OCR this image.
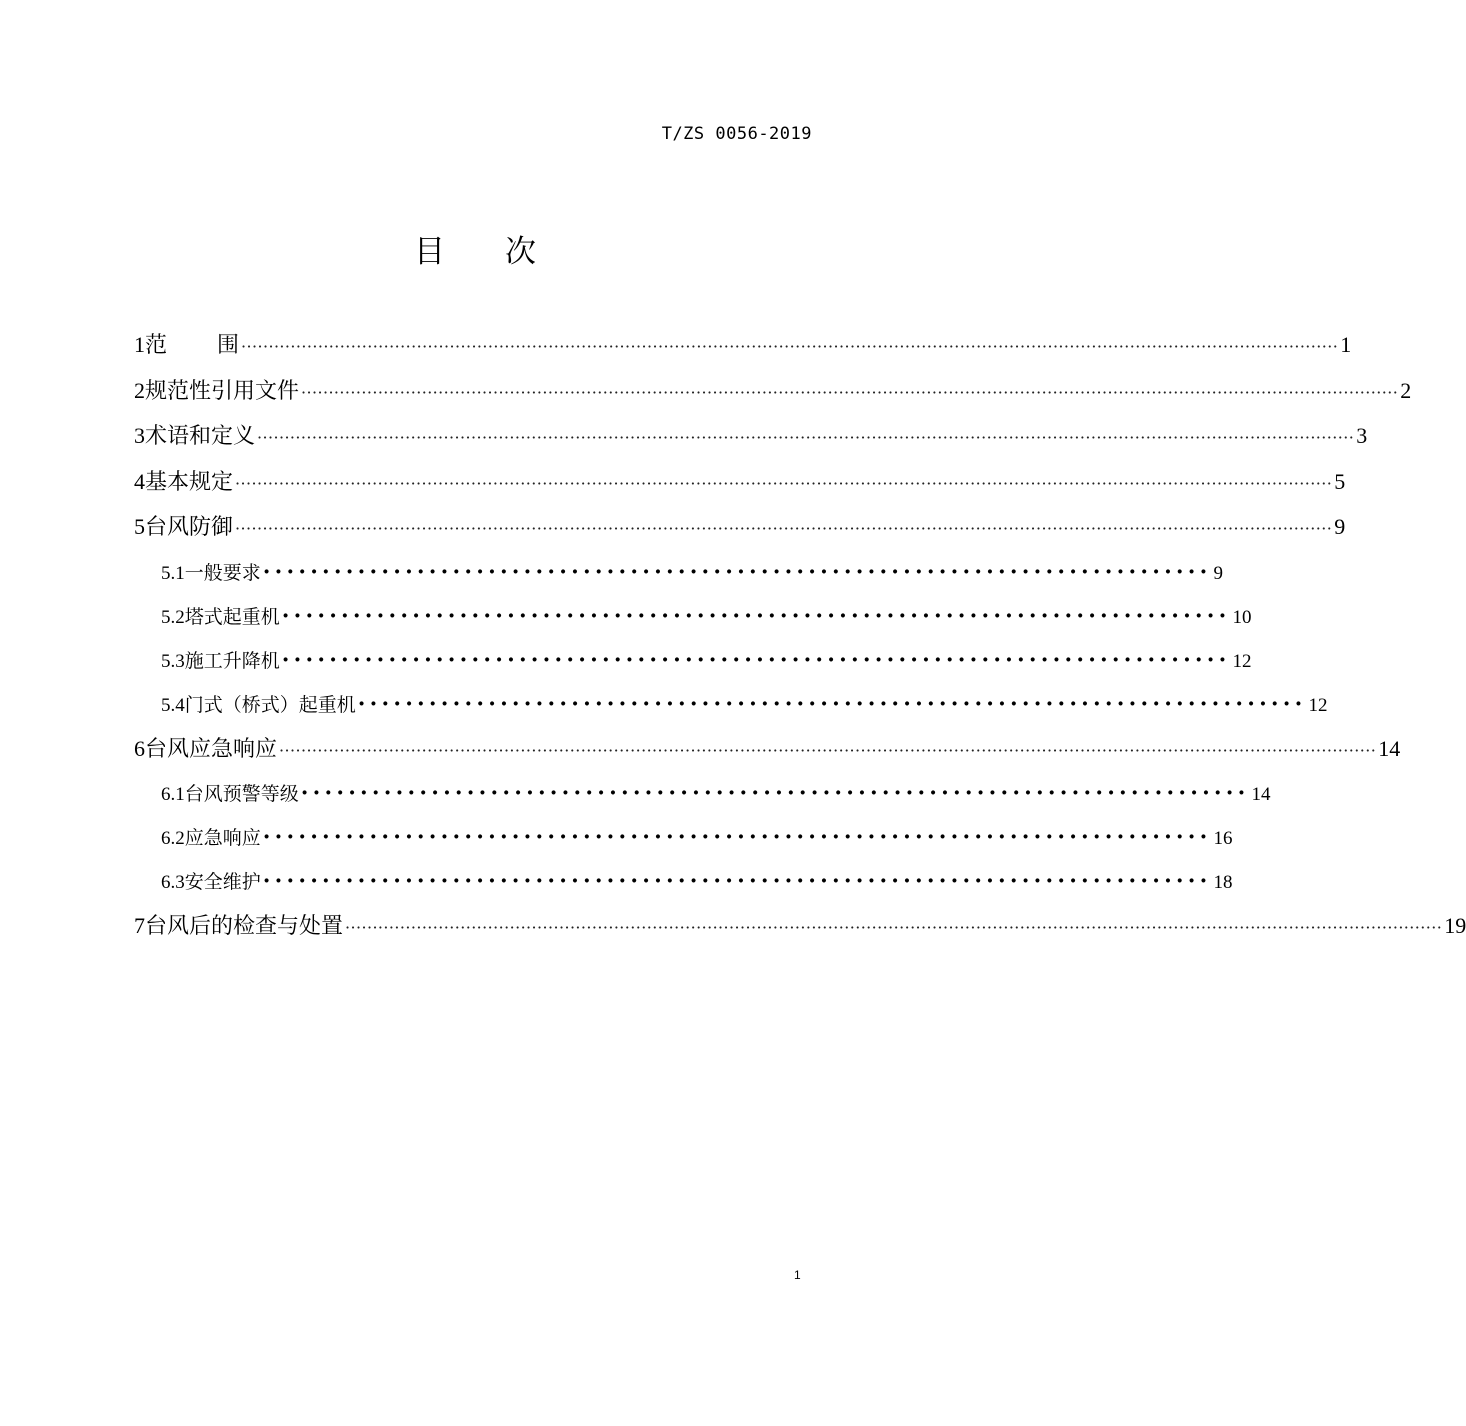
T/ZS 0056-2019
目 次
1 范 围 ········································································································································································································ 1
2 规范性引用文件 ········································································································································································································ 2
3 术语和定义 ········································································································································································································ 3
4 基本规定 ········································································································································································································ 5
5 台风防御 ········································································································································································································ 9
5.1 一般要求 ················································································ 9
5.2 塔式起重机 ················································································ 10
5.3 施工升降机 ················································································ 12
5.4 门式（桥式）起重机 ················································································ 12
6 台风应急响应 ········································································································································································································ 14
6.1 台风预警等级 ················································································ 14
6.2 应急响应 ················································································ 16
6.3 安全维护 ················································································ 18
7 台风后的检查与处置 ········································································································································································································ 19
1
